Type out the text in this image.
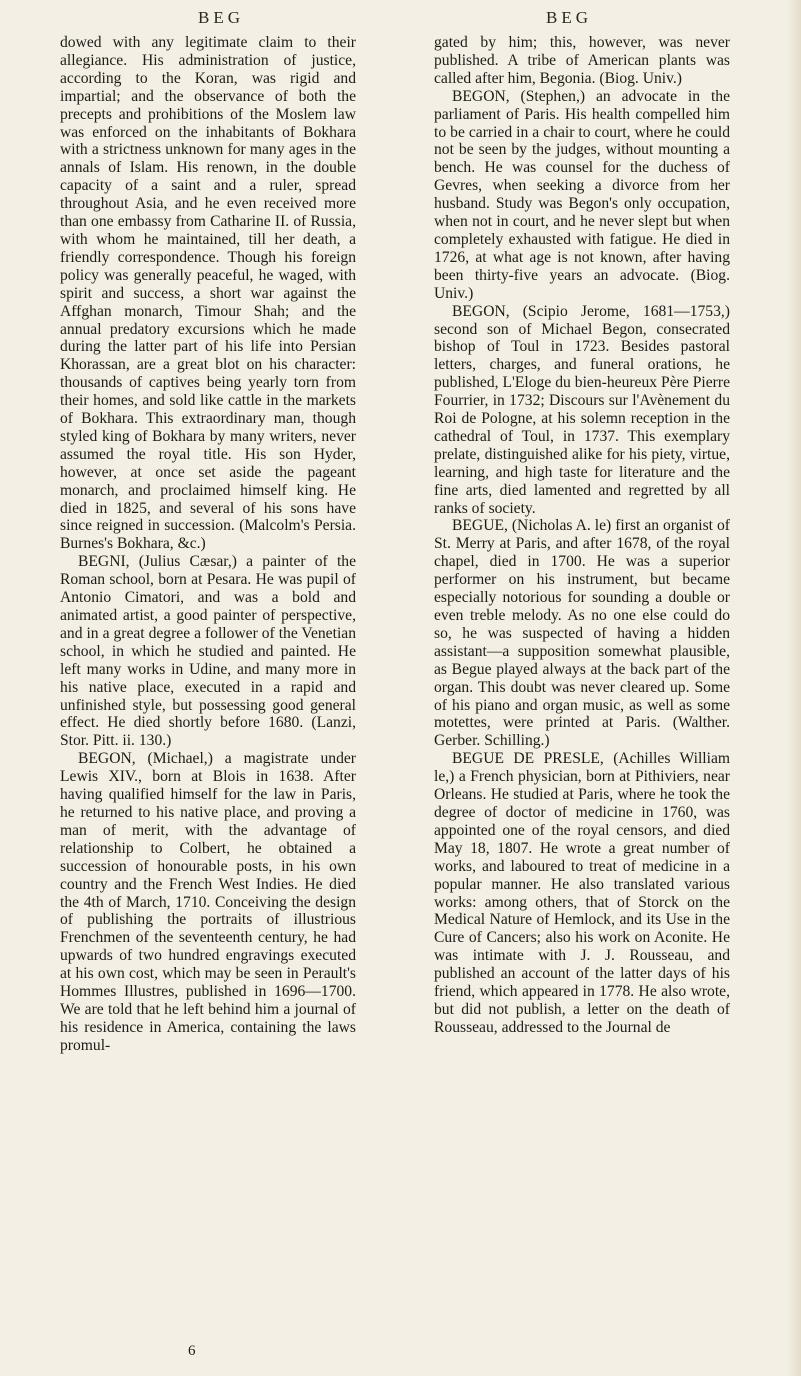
BEG	BEG

dowed with any legitimate claim to their allegiance. His administration of justice, according to the Koran, was rigid and impartial; and the observance of both the precepts and prohibitions of the Moslem law was enforced on the inhabitants of Bokhara with a strictness unknown for many ages in the annals of Islam. His renown, in the double capacity of a saint and a ruler, spread throughout Asia, and he even received more than one embassy from Catharine II. of Russia, with whom he maintained, till her death, a friendly correspondence. Though his foreign policy was generally peaceful, he waged, with spirit and success, a short war against the Affghan monarch, Timour Shah; and the annual predatory excursions which he made during the latter part of his life into Persian Khorassan, are a great blot on his character: thousands of captives being yearly torn from their homes, and sold like cattle in the markets of Bokhara. This extraordinary man, though styled king of Bokhara by many writers, never assumed the royal title. His son Hyder, however, at once set aside the pageant monarch, and proclaimed himself king. He died in 1825, and several of his sons have since reigned in succession. (Malcolm's Persia. Burnes's Bokhara, &c.)

BEGNI, (Julius Cæsar,) a painter of the Roman school, born at Pesara. He was pupil of Antonio Cimatori, and was a bold and animated artist, a good painter of perspective, and in a great degree a follower of the Venetian school, in which he studied and painted. He left many works in Udine, and many more in his native place, executed in a rapid and unfinished style, but possessing good general effect. He died shortly before 1680. (Lanzi, Stor. Pitt. ii. 130.)

BEGON, (Michael,) a magistrate under Lewis XIV., born at Blois in 1638. After having qualified himself for the law in Paris, he returned to his native place, and proving a man of merit, with the advantage of relationship to Colbert, he obtained a succession of honourable posts, in his own country and the French West Indies. He died the 4th of March, 1710. Conceiving the design of publishing the portraits of illustrious Frenchmen of the seventeenth century, he had upwards of two hundred engravings executed at his own cost, which may be seen in Perault's Hommes Illustres, published in 1696—1700. We are told that he left behind him a journal of his residence in America, containing the laws promul-

gated by him; this, however, was never published. A tribe of American plants was called after him, Begonia. (Biog. Univ.)

BEGON, (Stephen,) an advocate in the parliament of Paris. His health compelled him to be carried in a chair to court, where he could not be seen by the judges, without mounting a bench. He was counsel for the duchess of Gevres, when seeking a divorce from her husband. Study was Begon's only occupation, when not in court, and he never slept but when completely exhausted with fatigue. He died in 1726, at what age is not known, after having been thirty-five years an advocate. (Biog. Univ.)

BEGON, (Scipio Jerome, 1681—1753,) second son of Michael Begon, consecrated bishop of Toul in 1723. Besides pastoral letters, charges, and funeral orations, he published, L'Eloge du bien-heureux Père Pierre Fourrier, in 1732; Discours sur l'Avènement du Roi de Pologne, at his solemn reception in the cathedral of Toul, in 1737. This exemplary prelate, distinguished alike for his piety, virtue, learning, and high taste for literature and the fine arts, died lamented and regretted by all ranks of society.

BEGUE, (Nicholas A. le) first an organist of St. Merry at Paris, and after 1678, of the royal chapel, died in 1700. He was a superior performer on his instrument, but became especially notorious for sounding a double or even treble melody. As no one else could do so, he was suspected of having a hidden assistant—a supposition somewhat plausible, as Begue played always at the back part of the organ. This doubt was never cleared up. Some of his piano and organ music, as well as some motettes, were printed at Paris. (Walther. Gerber. Schilling.)

BEGUE DE PRESLE, (Achilles William le,) a French physician, born at Pithiviers, near Orleans. He studied at Paris, where he took the degree of doctor of medicine in 1760, was appointed one of the royal censors, and died May 18, 1807. He wrote a great number of works, and laboured to treat of medicine in a popular manner. He also translated various works: among others, that of Storck on the Medical Nature of Hemlock, and its Use in the Cure of Cancers; also his work on Aconite. He was intimate with J. J. Rousseau, and published an account of the latter days of his friend, which appeared in 1778. He also wrote, but did not publish, a letter on the death of Rousseau, addressed to the Journal de

6
